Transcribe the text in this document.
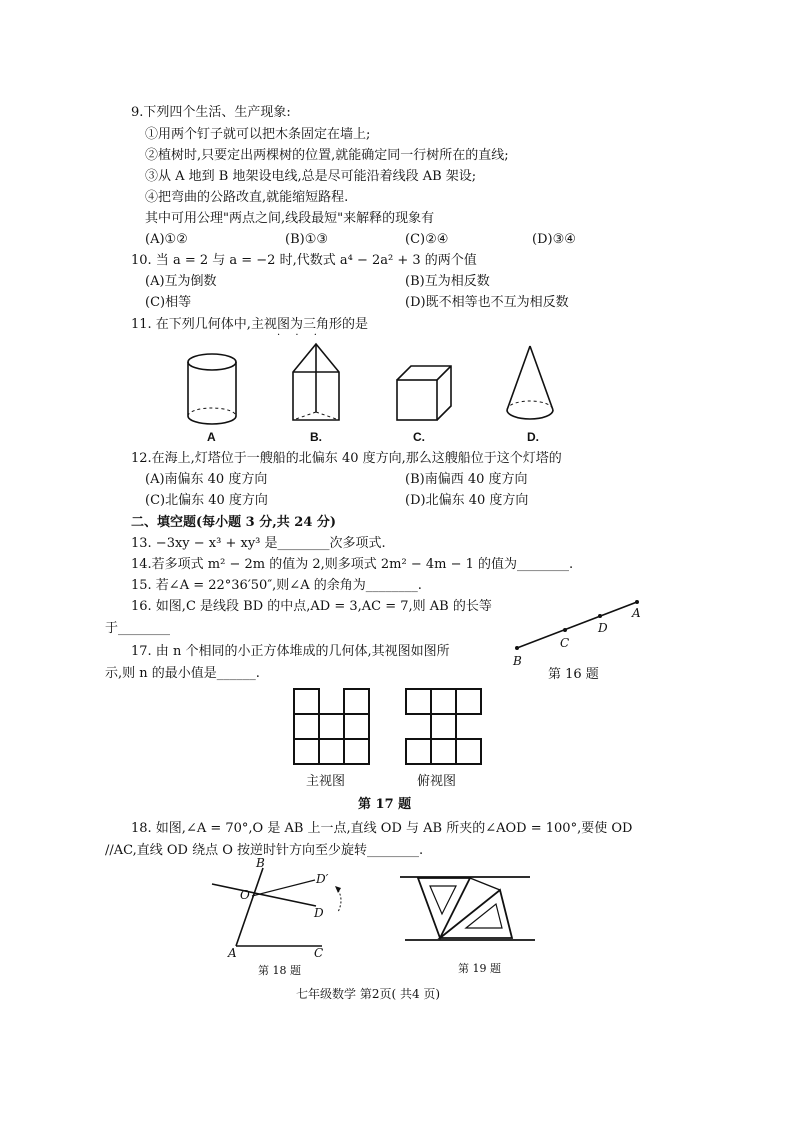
9.下列四个生活、生产现象:
①用两个钉子就可以把木条固定在墙上;
②植树时,只要定出两棵树的位置,就能确定同一行树所在的直线;
③从 A 地到 B 地架设电线,总是尽可能沿着线段 AB 架设;
④把弯曲的公路改直,就能缩短路程.
其中可用公理"两点之间,线段最短"来解释的现象有
(A)①②	(B)①③	(C)②④	(D)③④
10. 当 a = 2 与 a = −2 时,代数式 a⁴ − 2a² + 3 的两个值
(A)互为倒数	(B)互为相反数
(C)相等	(D)既不相等也不互为相反数
11. 在下列几何体中,主视图为三角形的是
· · ·
A	B.	C.	D.
12.在海上,灯塔位于一艘船的北偏东 40 度方向,那么这艘船位于这个灯塔的
(A)南偏东 40 度方向	(B)南偏西 40 度方向
(C)北偏东 40 度方向	(D)北偏东 40 度方向
二、填空题(每小题 3 分,共 24 分)
13. −3xy − x³ + xy³ 是________次多项式.
14.若多项式 m² − 2m 的值为 2,则多项式 2m² − 4m − 1 的值为________.
15. 若∠A = 22°36′50″,则∠A 的余角为________.
16. 如图,C 是线段 BD 的中点,AD = 3,AC = 7,则 AB 的长等
于________
B
C
D
A
第 16 题
17. 由 n 个相同的小正方体堆成的几何体,其视图如图所
示,则 n 的最小值是______.
主视图	俯视图
第 17 题
18. 如图,∠A = 70°,O 是 AB 上一点,直线 OD 与 AB 所夹的∠AOD = 100°,要使 OD
//AC,直线 OD 绕点 O 按逆时针方向至少旋转________.
B
D′
O
D
A	C
第 18 题	第 19 题
七年级数学 第2页( 共4 页)
